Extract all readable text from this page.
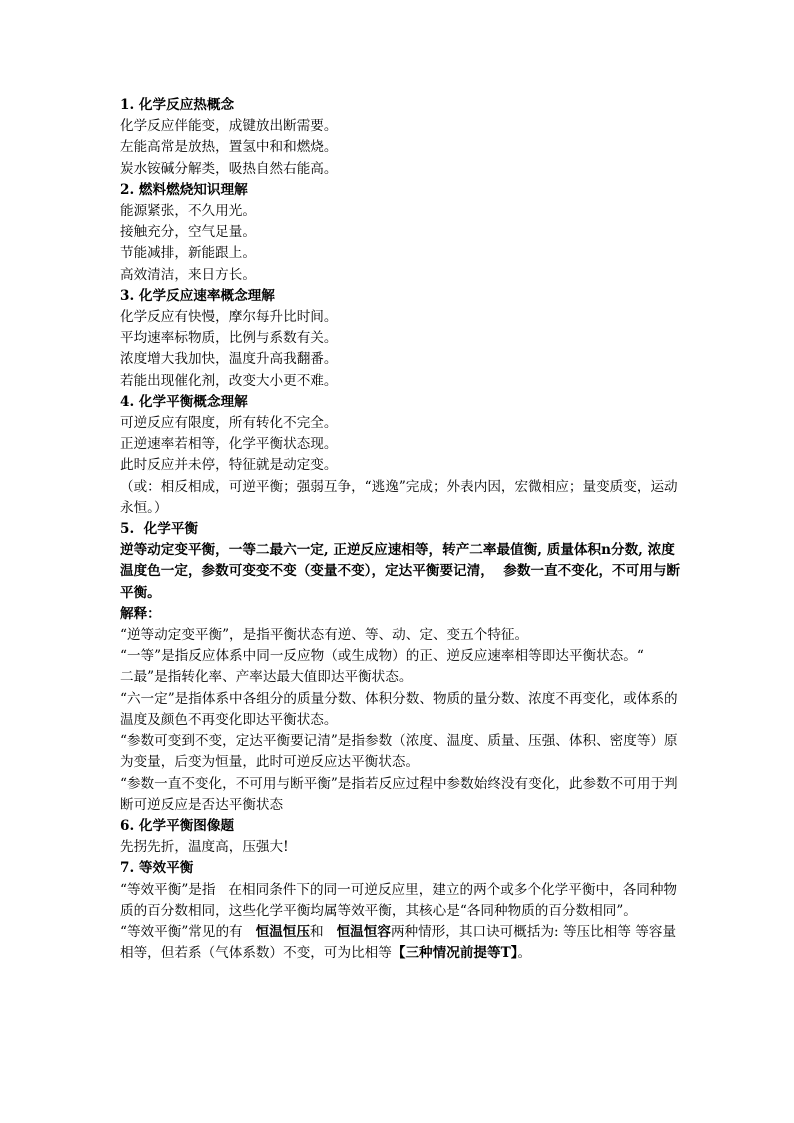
1. 化学反应热概念
化学反应伴能变，成键放出断需要。
左能高常是放热，置氢中和和燃烧。
炭水铵碱分解类，吸热自然右能高。
2. 燃料燃烧知识理解
能源紧张，不久用光。
接触充分，空气足量。
节能减排，新能跟上。
高效清洁，来日方长。
3. 化学反应速率概念理解
化学反应有快慢，摩尔每升比时间。
平均速率标物质，比例与系数有关。
浓度增大我加快，温度升高我翻番。
若能出现催化剂，改变大小更不难。
4. 化学平衡概念理解
可逆反应有限度，所有转化不完全。
正逆速率若相等，化学平衡状态现。
此时反应并未停，特征就是动定变。
（或：相反相成，可逆平衡；强弱互争，“逃逸”完成；外表内因，宏微相应；量变质变，运动永恒。）
5.  化学平衡
逆等动定变平衡，一等二最六一定, 正逆反应速相等，转产二率最值衡, 质量体积n分数, 浓度温度色一定，参数可变变不变（变量不变），定达平衡要记清，  参数一直不变化，不可用与断平衡。
解释：
“逆等动定变平衡”，是指平衡状态有逆、等、动、定、变五个特征。
“一等”是指反应体系中同一反应物（或生成物）的正、逆反应速率相等即达平衡状态。“
二最”是指转化率、产率达最大值即达平衡状态。
“六一定”是指体系中各组分的质量分数、体积分数、物质的量分数、浓度不再变化，或体系的温度及颜色不再变化即达平衡状态。
“参数可变到不变，定达平衡要记清”是指参数（浓度、温度、质量、压强、体积、密度等）原为变量，后变为恒量，此时可逆反应达平衡状态。
“参数一直不变化，不可用与断平衡”是指若反应过程中参数始终没有变化，此参数不可用于判断可逆反应是否达平衡状态
6. 化学平衡图像题
先拐先折，温度高，压强大!
7. 等效平衡
“等效平衡”是指   在相同条件下的同一可逆反应里，建立的两个或多个化学平衡中，各同种物质的百分数相同，这些化学平衡均属等效平衡，其核心是“各同种物质的百分数相同”。
“等效平衡”常见的有   恒温恒压和   恒温恒容两种情形，其口诀可概括为: 等压比相等 等容量相等，但若系（气体系数）不变，可为比相等【三种情况前提等T】。
